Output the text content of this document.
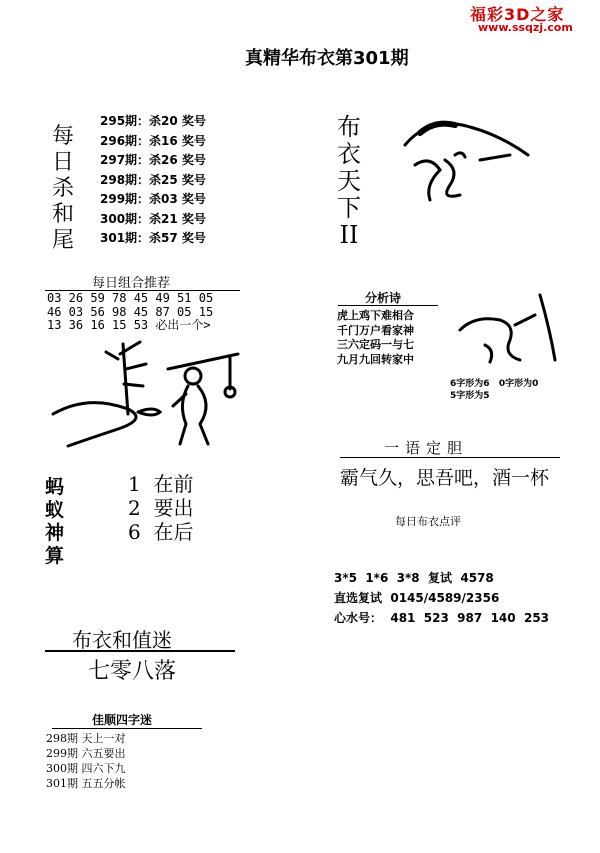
福彩3D之家
www.ssqzj.com
真精华布衣第301期
每
日
杀
和
尾
295期：杀20 奖号
296期：杀16 奖号
297期：杀26 奖号
298期：杀25 奖号
299期：杀03 奖号
300期：杀21 奖号
301期：杀57 奖号
每日组合推荐
03 26 59 78 45 49 51 05
46 03 56 98 45 87 05 15
13 36 16 15 53 必出一个>
蚂
蚁
神
算
1  在前
2  要出
6  在后
布衣和值迷
七零八落
佳顺四字迷
298期 天上一对
299期 六五要出
300期 四六下九
301期 五五分帐
布
衣
天
下
II
分析诗
虎上鸡下难相合
千门万户看家神
三六定码一与七
九月九回转家中
6字形为6   0字形为0
5字形为5
一语定胆
霸气久，思吾吧，酒一杯
每日布衣点评
3*5  1*6  3*8  复试  4578
直选复试  0145/4589/2356
心水号：  481  523  987  140  253
